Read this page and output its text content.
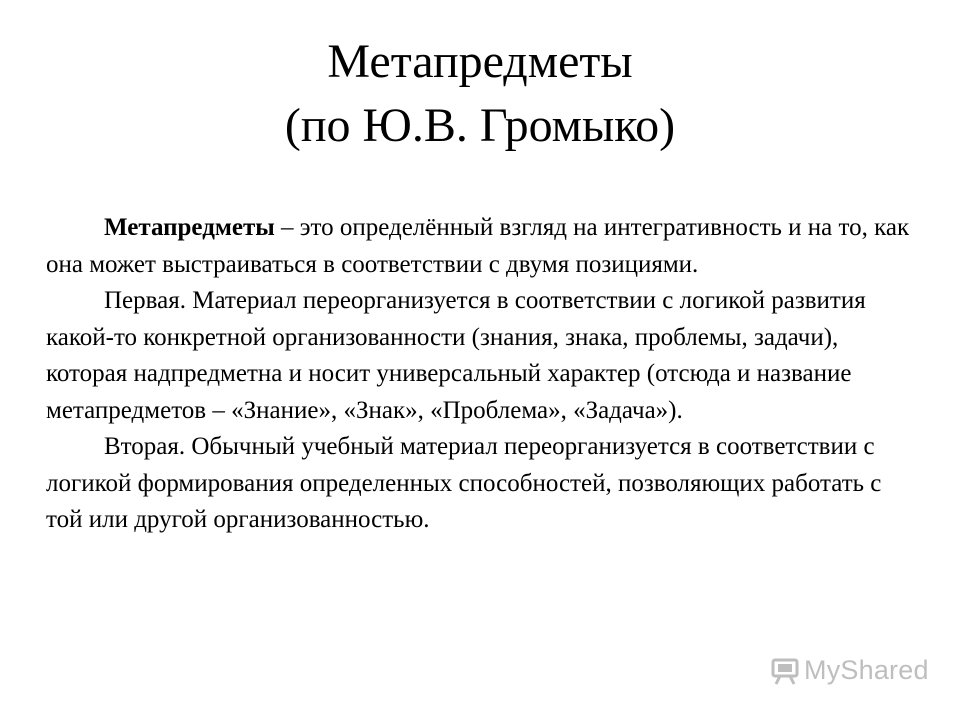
Метапредметы
(по Ю.В. Громыко)

Метапредметы – это определённый взгляд на интегративность и на то, как она может выстраиваться в соответствии с двумя позициями.

Первая. Материал переорганизуется в соответствии с логикой развития какой-то конкретной организованности (знания, знака, проблемы, задачи), которая надпредметна и носит универсальный характер (отсюда и название метапредметов – «Знание», «Знак», «Проблема», «Задача»).

Вторая. Обычный учебный материал переорганизуется в соответствии с логикой формирования определенных способностей, позволяющих работать с той или другой организованностью.

MyShared
